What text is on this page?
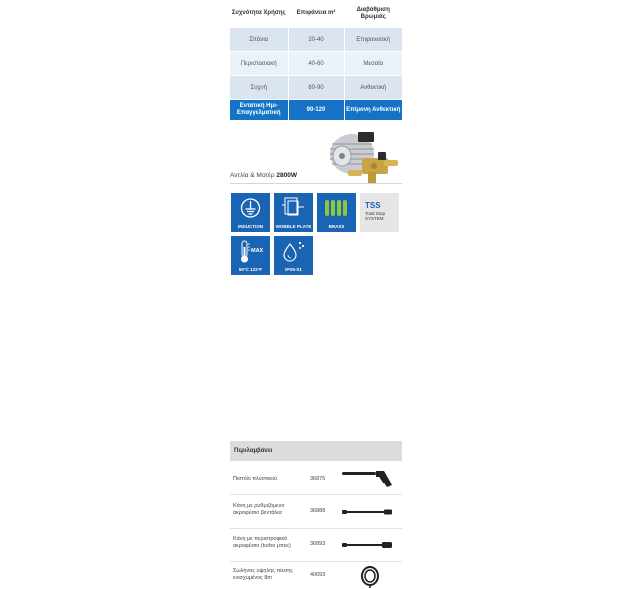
Συχνότητα Χρήσης	Επιφάνεια m²	Διαβάθμιση Βρωμιάς
Σπάνια	20-40	Επιφανειακή
Περιστασιακή	40-60	Μεσαία
Συχνή	60-90	Ανθεκτική
Εντατική Ημι-Επαγγελματική	90-120	Επίμονη Ανθεκτική
Αντλία & Μοτέρ 2800W
INDUCTION	WOBBLE PLATE	BRASS
TSS
Total Stop SYSTEM
MAX
50°C 122°F	IPX5-S1
Περιλαμβάνει
Πιστόλι πλυστικού	36875
Κάνη με ρυθμιζόμενο ακροφύσιο βεντάλια	36888
Κάνη με περιστροφικό ακροφύσιο (turbo μπεκ)	36893
Σωλήνας υψηλής πίεσης ενισχυμένος 8m	40693
